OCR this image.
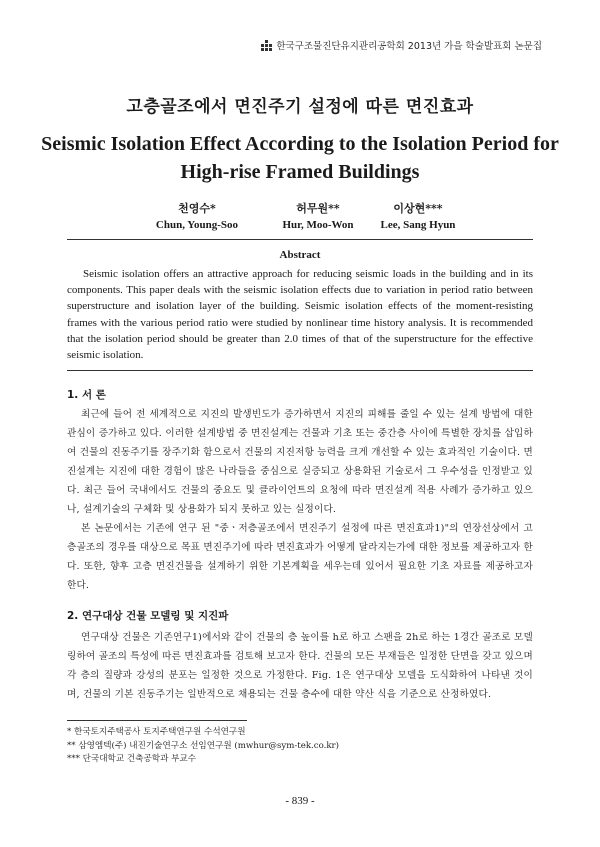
한국구조물진단유지관리공학회 2013년 가을 학술발표회 논문집
고층골조에서 면진주기 설정에 따른 면진효과
Seismic Isolation Effect According to the Isolation Period for High-rise Framed Buildings
천영수*
Chun, Young-Soo
허무원**
Hur, Moo-Won
이상현***
Lee, Sang Hyun
Abstract
Seismic isolation offers an attractive approach for reducing seismic loads in the building and in its components. This paper deals with the seismic isolation effects due to variation in period ratio between superstructure and isolation layer of the building. Seismic isolation effects of the moment-resisting frames with the various period ratio were studied by nonlinear time history analysis. It is recommended that the isolation period should be greater than 2.0 times of that of the superstructure for the effective seismic isolation.
1. 서 론
최근에 들어 전 세계적으로 지진의 발생빈도가 증가하면서 지진의 피해를 줄일 수 있는 설계 방법에 대한 관심이 증가하고 있다. 이러한 설계방법 중 면진설계는 건물과 기초 또는 중간층 사이에 특별한 장치를 삽입하여 건물의 진동주기를 장주기화 함으로서 건물의 지진저항 능력을 크게 개선할 수 있는 효과적인 기술이다. 면진설계는 지진에 대한 경험이 많은 나라들을 중심으로 실증되고 상용화된 기술로서 그 우수성을 인정받고 있다. 최근 들어 국내에서도 건물의 중요도 및 클라이언트의 요청에 따라 면진설계 적용 사례가 증가하고 있으나, 설계기술의 구체화 및 상용화가 되지 못하고 있는 실정이다.
본 논문에서는 기존에 연구 된 "중ㆍ저층골조에서 면진주기 설정에 따른 면진효과1)"의 연장선상에서 고층골조의 경우를 대상으로 목표 면진주기에 따라 면진효과가 어떻게 달라지는가에 대한 정보를 제공하고자 한다. 또한, 향후 고층 면진건물을 설계하기 위한 기본계획을 세우는데 있어서 필요한 기초 자료를 제공하고자 한다.
2. 연구대상 건물 모델링 및 지진파
연구대상 건물은 기존연구1)에서와 같이 건물의 층 높이를 h로 하고 스팬을 2h로 하는 1경간 골조로 모델링하여 골조의 특성에 따른 면진효과를 검토해 보고자 한다. 건물의 모든 부재들은 일정한 단면을 갖고 있으며 각 층의 질량과 강성의 분포는 일정한 것으로 가정한다. Fig. 1은 연구대상 모델을 도식화하여 나타낸 것이며, 건물의 기본 진동주기는 일반적으로 채용되는 건물 층수에 대한 약산 식을 기준으로 산정하였다.
* 한국토지주택공사 토지주택연구원 수석연구원
** 삼영엠텍(주) 내진기술연구소 선임연구원 (mwhur@sym-tek.co.kr)
*** 단국대학교 건축공학과 부교수
- 839 -
